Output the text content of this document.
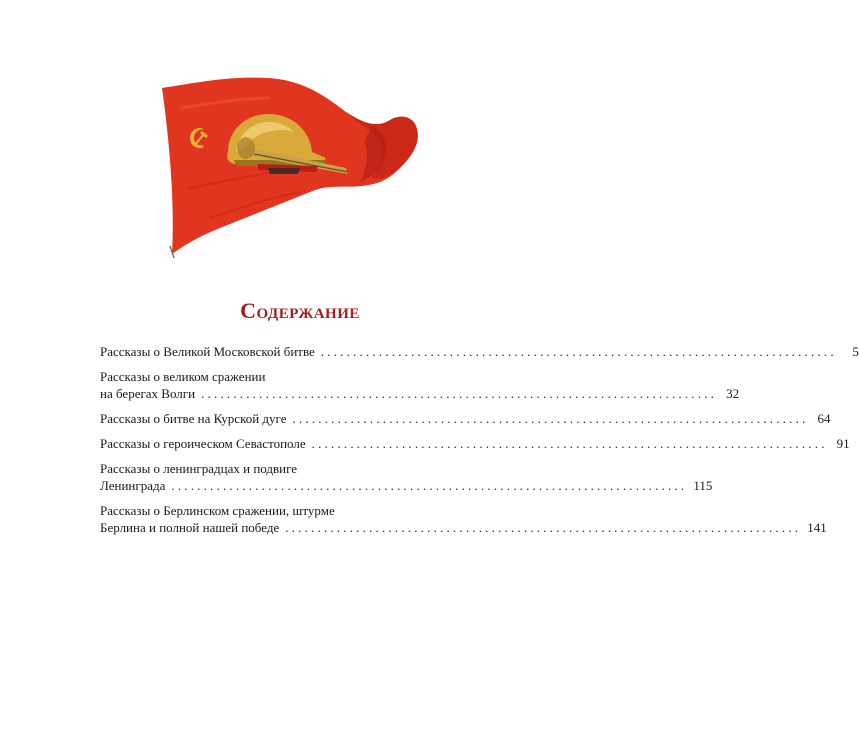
Содержание
Рассказы о Великой Московской битве ................................................................................	5
Рассказы о великом сражении
на берегах Волги ................................................................................ 32
Рассказы о битве на Курской дуге ................................................................................ 64
Рассказы о героическом Севастополе ................................................................................ 91
Рассказы о ленинградцах и подвиге
Ленинграда ................................................................................ 115
Рассказы о Берлинском сражении, штурме
Берлина и полной нашей победе ................................................................................ 141
